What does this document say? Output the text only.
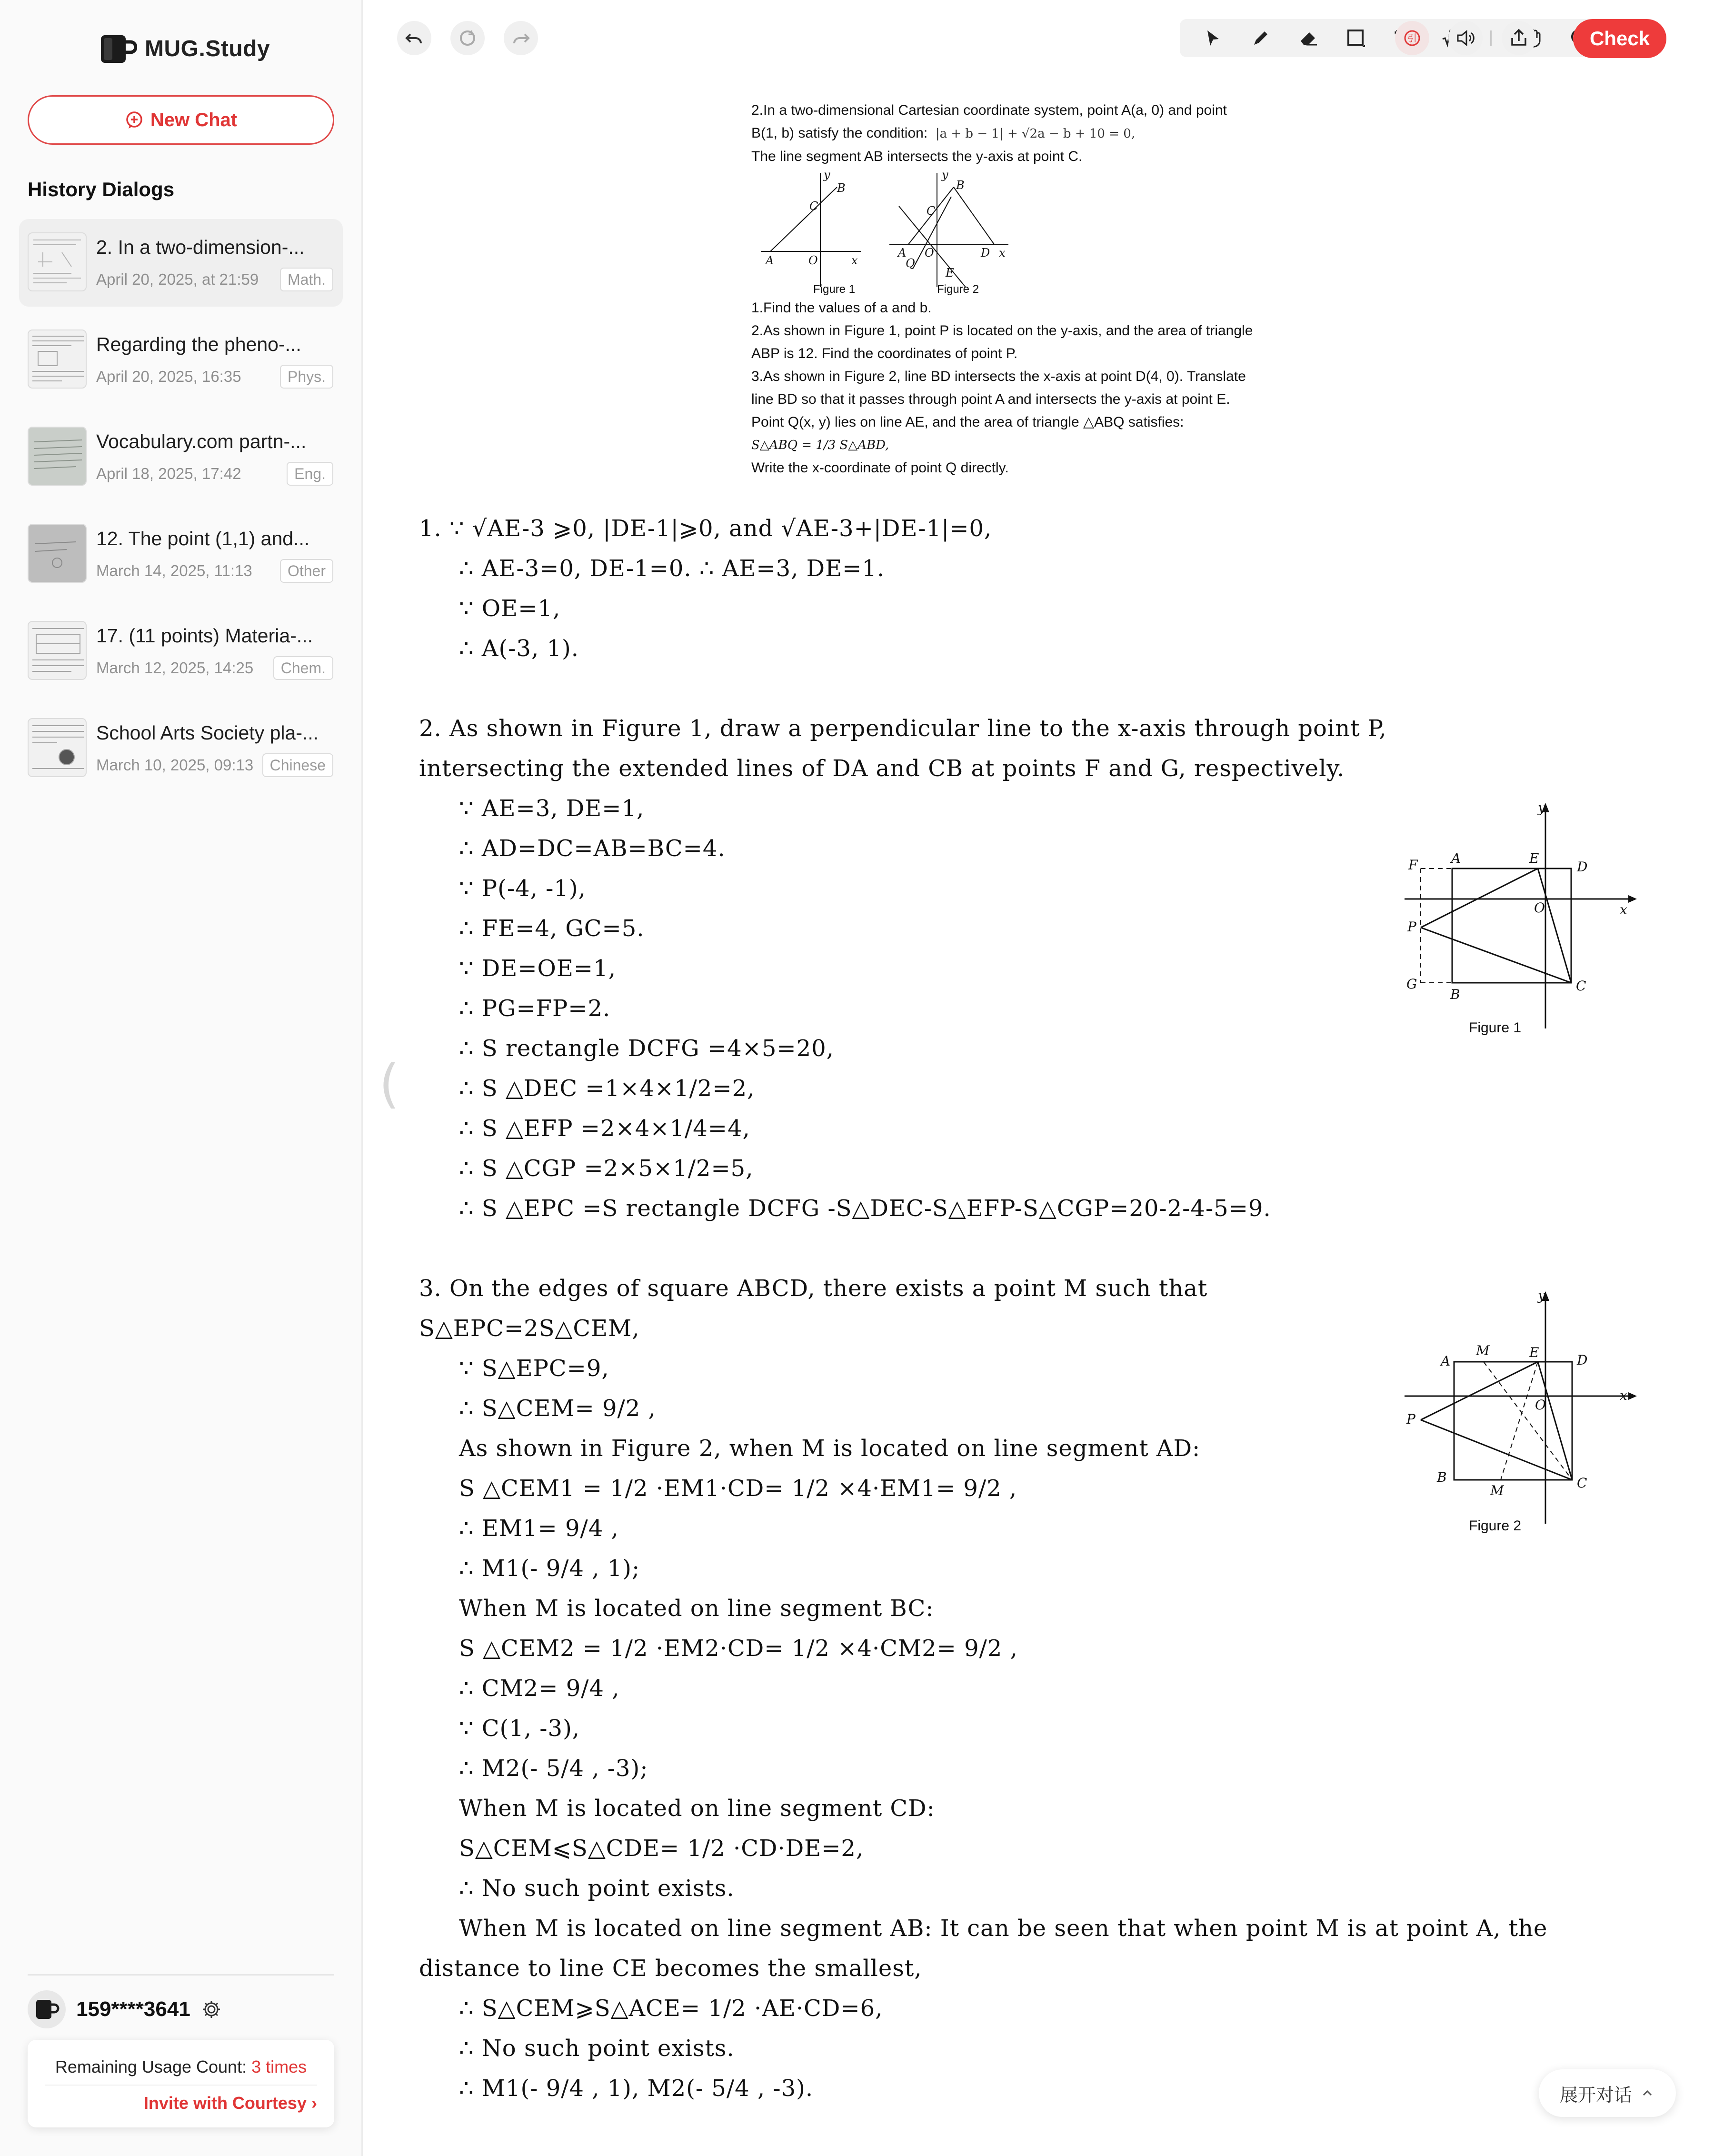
MUG.Study
New Chat
History Dialogs
2. In a two-dimension-...
April 20, 2025, at 21:59	Math.
Regarding the pheno-...
April 20, 2025, 16:35	Phys.
Vocabulary.com partn-...
April 18, 2025, 17:42	Eng.
12. The point (1,1) and...
March 14, 2025, 11:13	Other
17. (11 points) Materia-...
March 12, 2025, 14:25	Chem.
School Arts Society pla-...
March 10, 2025, 09:13	Chinese
159****3641
Remaining Usage Count: 3 times
Invite with Courtesy ›
引	Check
2.In a two-dimensional Cartesian coordinate system, point A(a, 0) and point
B(1, b) satisfy the condition: |a + b − 1| + √2a − b + 10 = 0,
The line segment AB intersects the y-axis at point C.
A	O	x
y
B
C
Figure 1
A O	x
y
B
C
D
E
Q
Figure 2
1.Find the values of a and b.
2.As shown in Figure 1, point P is located on the y-axis, and the area of triangle
ABP is 12. Find the coordinates of point P.
3.As shown in Figure 2, line BD intersects the x-axis at point D(4, 0). Translate
line BD so that it passes through point A and intersects the y-axis at point E.
Point Q(x, y) lies on line AE, and the area of triangle △ABQ satisfies:
S△ABQ = 1/3 S△ABD,
Write the x-coordinate of point Q directly.
(
1. ∵ √AE-3 ⩾0, |DE-1|⩾0, and √AE-3+|DE-1|=0,
∴ AE-3=0, DE-1=0. ∴ AE=3, DE=1.
∵ OE=1,
∴ A(-3, 1).
2. As shown in Figure 1, draw a perpendicular line to the x-axis through point P,
intersecting the extended lines of DA and CB at points F and G, respectively.
∵ AE=3, DE=1,
∴ AD=DC=AB=BC=4.
∵ P(-4, -1),
∴ FE=4, GC=5.
∵ DE=OE=1,
∴ PG=FP=2.
∴ S rectangle DCFG =4×5=20,
∴ S △DEC =1×4×1/2=2,
∴ S △EFP =2×4×1/4=4,
∴ S △CGP =2×5×1/2=5,
∴ S △EPC =S rectangle DCFG -S△DEC-S△EFP-S△CGP=20-2-4-5=9.
3. On the edges of square ABCD, there exists a point M such that
S△EPC=2S△CEM,
∵ S△EPC=9,
∴ S△CEM= 9/2 ,
As shown in Figure 2, when M is located on line segment AD:
S △CEM1 = 1/2 ·EM1·CD= 1/2 ×4·EM1= 9/2 ,
∴ EM1= 9/4 ,
∴ M1(- 9/4 , 1);
When M is located on line segment BC:
S △CEM2 = 1/2 ·EM2·CD= 1/2 ×4·CM2= 9/2 ,
∴ CM2= 9/4 ,
∵ C(1, -3),
∴ M2(- 5/4 , -3);
When M is located on line segment CD:
S△CEM⩽S△CDE= 1/2 ·CD·DE=2,
∴ No such point exists.
When M is located on line segment AB: It can be seen that when point M is at point A, the
distance to line CE becomes the smallest,
∴ S△CEM⩾S△ACE= 1/2 ·AE·CD=6,
∴ No such point exists.
∴ M1(- 9/4 , 1), M2(- 5/4 , -3).
F	A	E
D
O	x
y
P
G
B
C
Figure 1
A
M	E	D
O
x
y
P
B
M	C
Figure 2
展开对话
